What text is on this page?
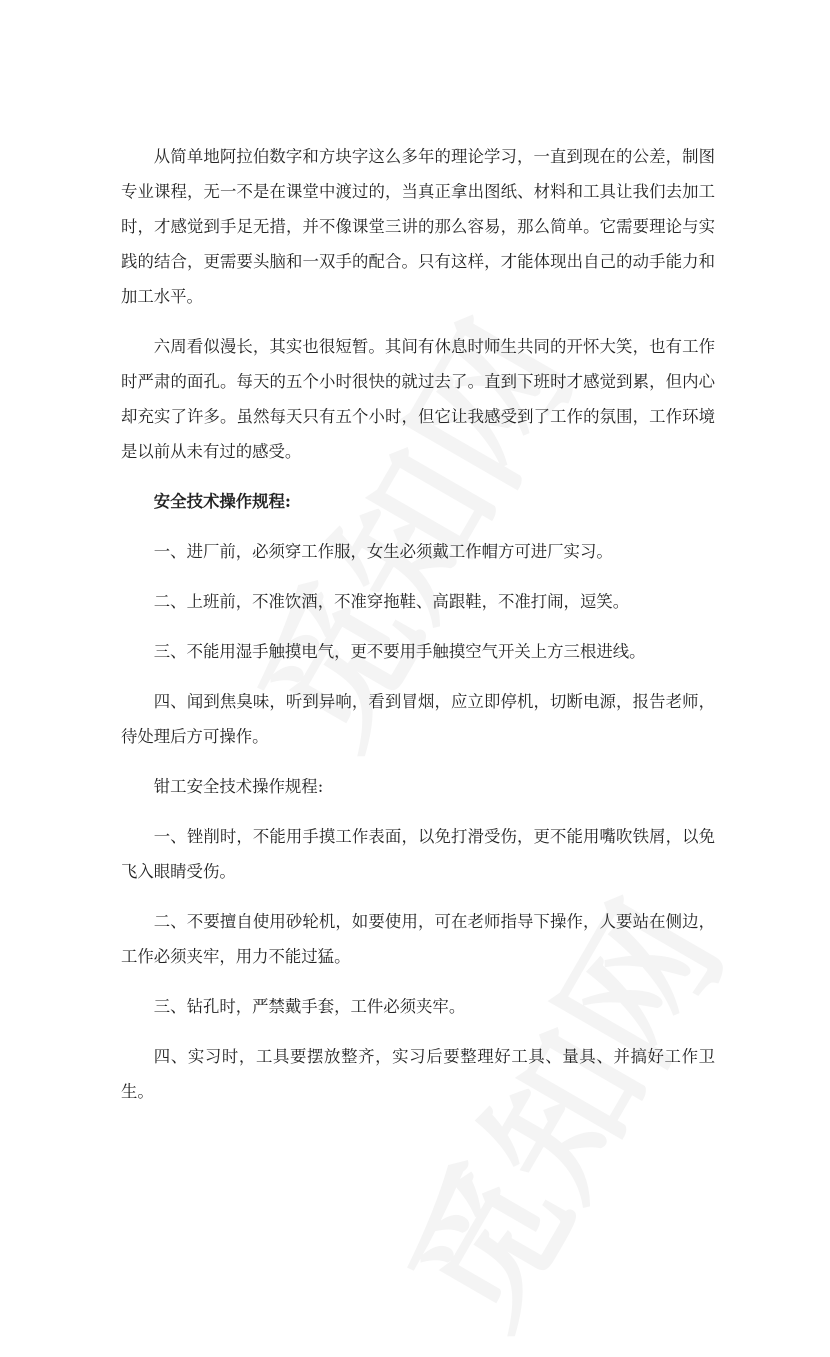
从简单地阿拉伯数字和方块字这么多年的理论学习，一直到现在的公差，制图专业课程，无一不是在课堂中渡过的，当真正拿出图纸、材料和工具让我们去加工时，才感觉到手足无措，并不像课堂三讲的那么容易，那么简单。它需要理论与实践的结合，更需要头脑和一双手的配合。只有这样，才能体现出自己的动手能力和加工水平。

六周看似漫长，其实也很短暂。其间有休息时师生共同的开怀大笑，也有工作时严肃的面孔。每天的五个小时很快的就过去了。直到下班时才感觉到累，但内心却充实了许多。虽然每天只有五个小时，但它让我感受到了工作的氛围，工作环境是以前从未有过的感受。

安全技术操作规程:

一、进厂前，必须穿工作服，女生必须戴工作帽方可进厂实习。

二、上班前，不准饮酒，不准穿拖鞋、高跟鞋，不准打闹，逗笑。

三、不能用湿手触摸电气，更不要用手触摸空气开关上方三根进线。

四、闻到焦臭味，听到异响，看到冒烟，应立即停机，切断电源，报告老师，待处理后方可操作。

钳工安全技术操作规程:

一、锉削时，不能用手摸工作表面，以免打滑受伤，更不能用嘴吹铁屑，以免飞入眼睛受伤。

二、不要擅自使用砂轮机，如要使用，可在老师指导下操作，人要站在侧边，工作必须夹牢，用力不能过猛。

三、钻孔时，严禁戴手套，工件必须夹牢。

四、实习时，工具要摆放整齐，实习后要整理好工具、量具、并搞好工作卫生。
